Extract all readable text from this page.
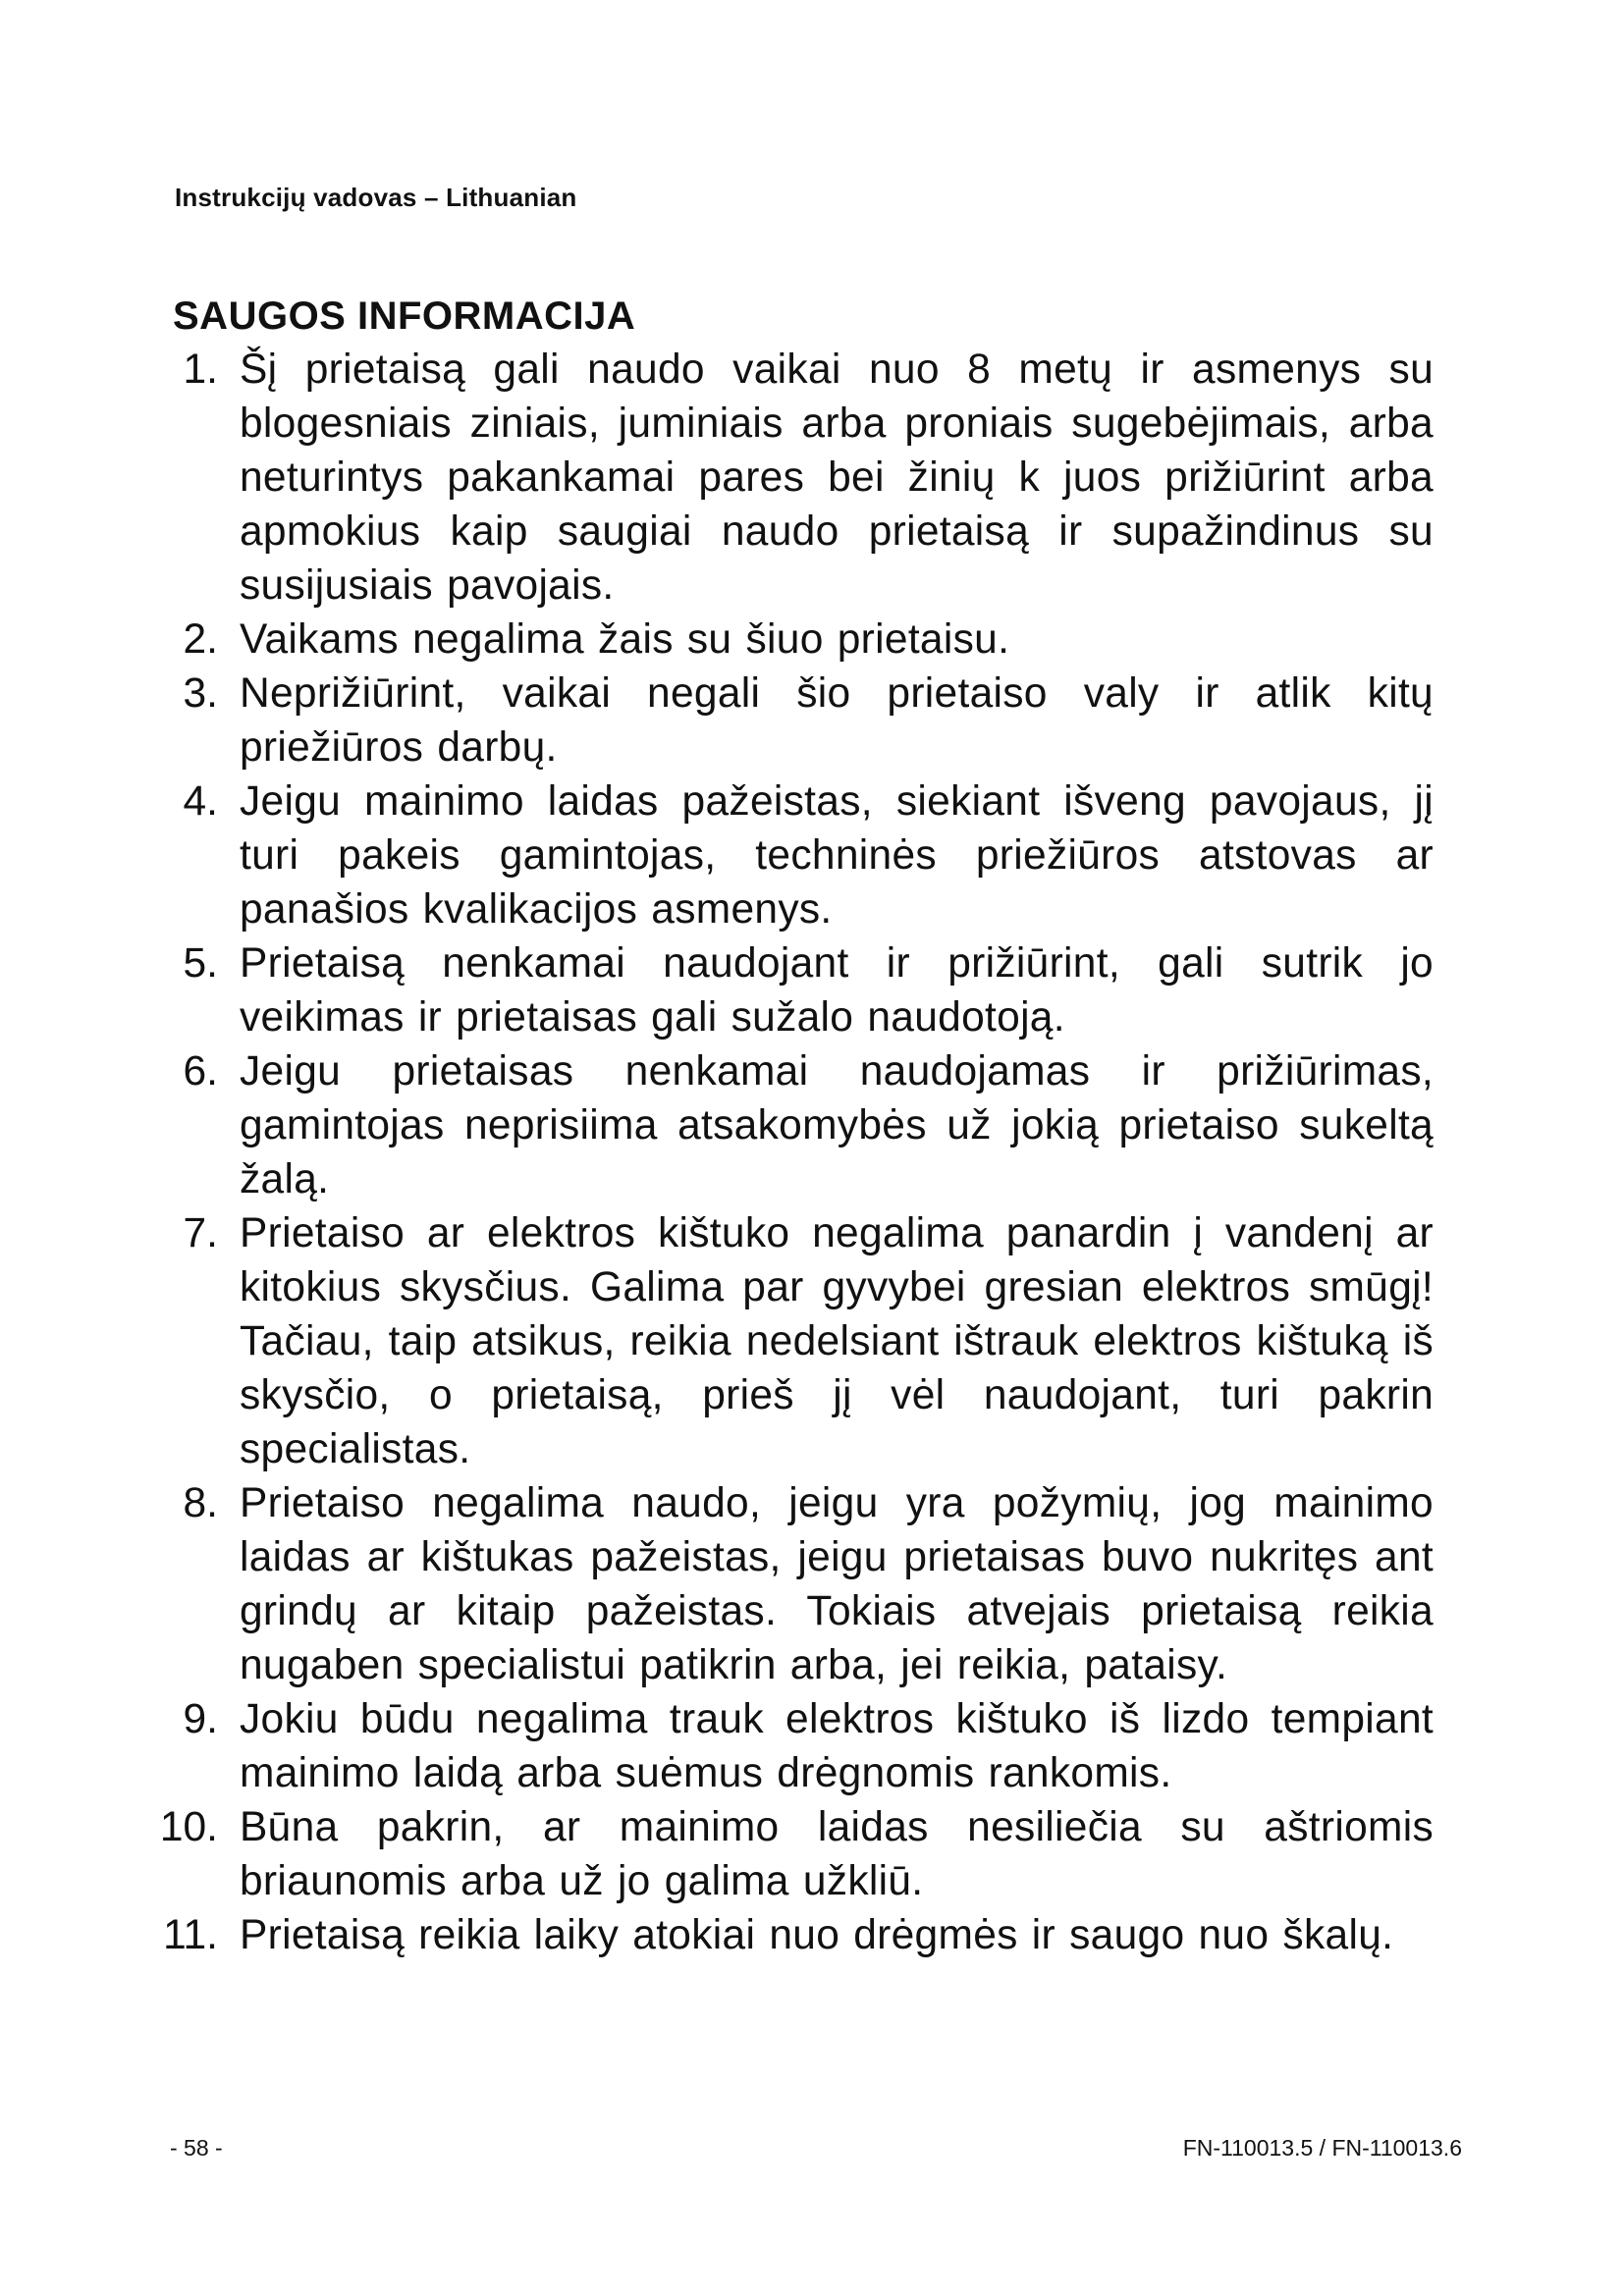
Instrukcijų vadovas – Lithuanian
SAUGOS INFORMACIJA
1. Šį prietaisą gali naudo vaikai nuo 8 metų ir asmenys su blogesniais ziniais, juminiais arba proniais sugebėjimais, arba neturintys pakankamai pares bei žinių k juos prižiūrint arba apmokius kaip saugiai naudo prietaisą ir supažindinus su susijusiais pavojais.
2. Vaikams negalima žais su šiuo prietaisu.
3. Neprižiūrint, vaikai negali šio prietaiso valy ir atlik kitų priežiūros darbų.
4. Jeigu mainimo laidas pažeistas, siekiant išveng pavojaus, jį turi pakeis gamintojas, techninės priežiūros atstovas ar panašios kvalikacijos asmenys.
5. Prietaisą nenkamai naudojant ir prižiūrint, gali sutrik jo veikimas ir prietaisas gali sužalo naudotoją.
6. Jeigu prietaisas nenkamai naudojamas ir prižiūrimas, gamintojas neprisiima atsakomybės už jokią prietaiso sukeltą žalą.
7. Prietaiso ar elektros kištuko negalima panardin į vandenį ar kitokius skysčius. Galima par gyvybei gresian elektros smūgį! Tačiau, taip atsikus, reikia nedelsiant ištrauk elektros kištuką iš skysčio, o prietaisą, prieš jį vėl naudojant, turi pakrin specialistas.
8. Prietaiso negalima naudo, jeigu yra požymių, jog mainimo laidas ar kištukas pažeistas, jeigu prietaisas buvo nukritęs ant grindų ar kitaip pažeistas. Tokiais atvejais prietaisą reikia nugaben specialistui patikrin arba, jei reikia, pataisy.
9. Jokiu būdu negalima trauk elektros kištuko iš lizdo tempiant mainimo laidą arba suėmus drėgnomis rankomis.
10. Būna pakrin, ar mainimo laidas nesiliečia su aštriomis briaunomis arba už jo galima užkliū.
11. Prietaisą reikia laiky atokiai nuo drėgmės ir saugo nuo škalų.
- 58 -	FN-110013.5 / FN-110013.6
